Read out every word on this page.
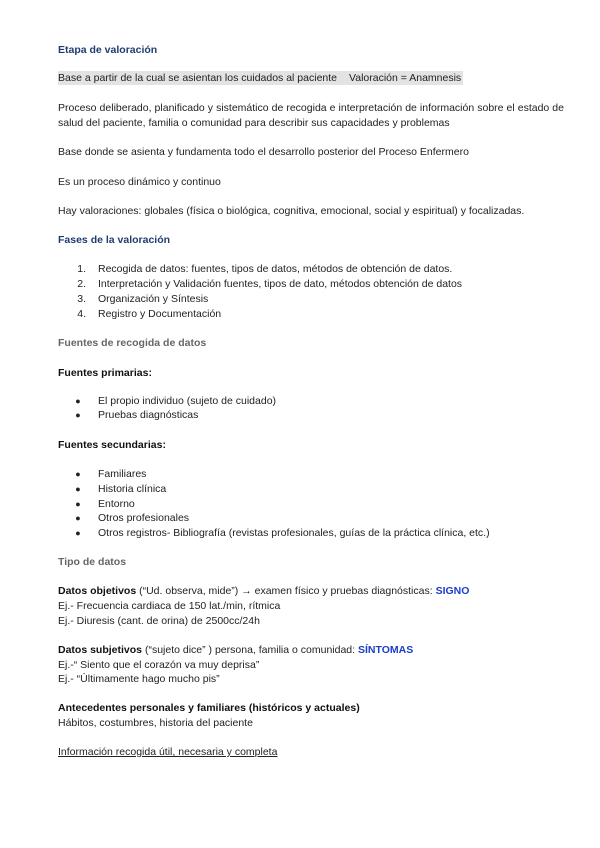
Etapa de valoración
Base a partir de la cual se asientan los cuidados al paciente Valoración = Anamnesis
Proceso deliberado, planificado y sistemático de recogida e interpretación de información sobre el estado de salud del paciente, familia o comunidad para describir sus capacidades y problemas
Base donde se asienta y fundamenta todo el desarrollo posterior del Proceso Enfermero
Es un proceso dinámico y continuo
Hay valoraciones: globales (física o biológica, cognitiva, emocional, social y espiritual) y focalizadas.
Fases de la valoración
1. Recogida de datos: fuentes, tipos de datos, métodos de obtención de datos.
2. Interpretación y Validación fuentes, tipos de dato, métodos obtención de datos
3. Organización y Síntesis
4. Registro y Documentación
Fuentes de recogida de datos
Fuentes primarias:
● El propio individuo (sujeto de cuidado)
● Pruebas diagnósticas
Fuentes secundarias:
● Familiares
● Historia clínica
● Entorno
● Otros profesionales
● Otros registros- Bibliografía (revistas profesionales, guías de la práctica clínica, etc.)
Tipo de datos
Datos objetivos (“Ud. observa, mide”) → examen físico y pruebas diagnósticas: SIGNO
Ej.- Frecuencia cardiaca de 150 lat./min, rítmica
Ej.- Diuresis (cant. de orina) de 2500cc/24h
Datos subjetivos (“sujeto dice” ) persona, familia o comunidad: SÍNTOMAS
Ej.-“ Siento que el corazón va muy deprisa”
Ej.- “Últimamente hago mucho pis”
Antecedentes personales y familiares (históricos y actuales)
Hábitos, costumbres, historia del paciente
Información recogida útil, necesaria y completa
